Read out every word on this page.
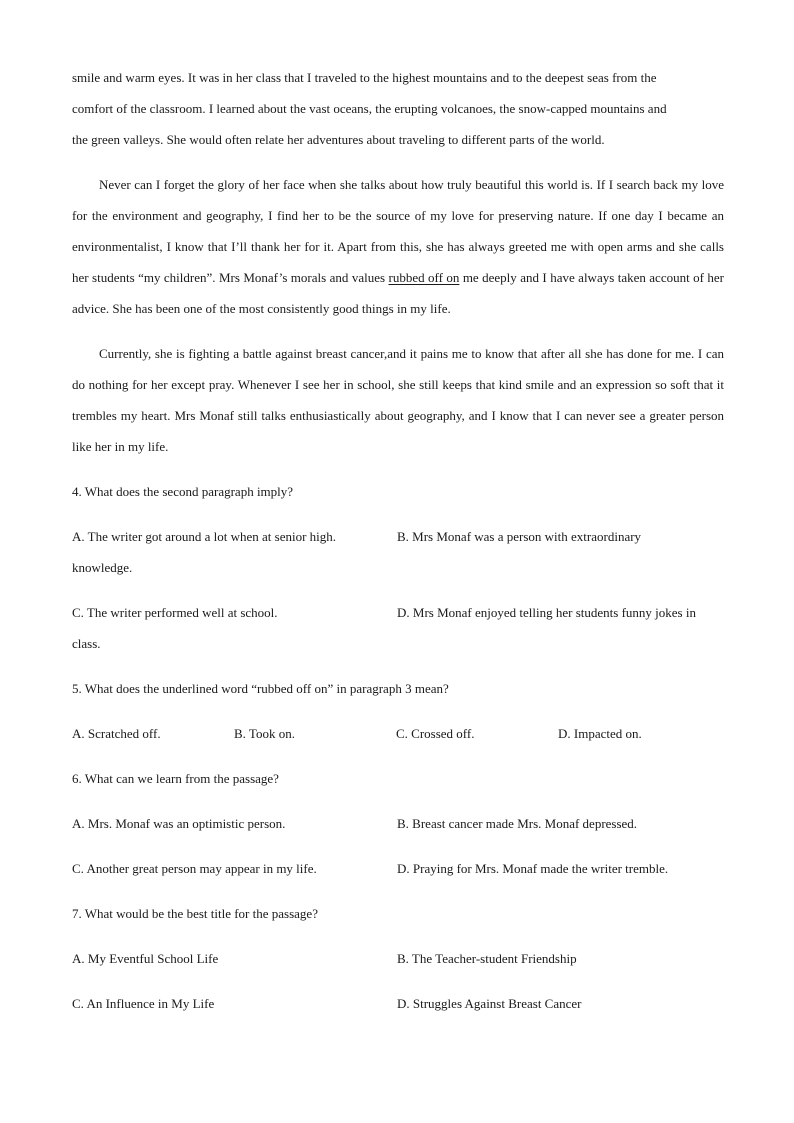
smile and warm eyes. It was in her class that I traveled to the highest mountains and to the deepest seas from the
comfort of the classroom. I learned about the vast oceans, the erupting volcanoes, the snow-capped mountains and
the green valleys. She would often relate her adventures about traveling to different parts of the world.

Never can I forget the glory of her face when she talks about how truly beautiful this world is. If I search back my love for the environment and geography, I find her to be the source of my love for preserving nature. If one day I became an environmentalist, I know that I’ll thank her for it. Apart from this, she has always greeted me with open arms and she calls her students “my children”. Mrs Monaf’s morals and values rubbed off on me deeply and I have always taken account of her advice. She has been one of the most consistently good things in my life.

Currently, she is fighting a battle against breast cancer,and it pains me to know that after all she has done for me. I can do nothing for her except pray. Whenever I see her in school, she still keeps that kind smile and an expression so soft that it trembles my heart. Mrs Monaf still talks enthusiastically about geography, and I know that I can never see a greater person like her in my life.

4. What does the second paragraph imply?

A. The writer got around a lot when at senior high.	B. Mrs Monaf was a person with extraordinary
knowledge.
C. The writer performed well at school.	D. Mrs Monaf enjoyed telling her students funny jokes in
class.

5. What does the underlined word “rubbed off on” in paragraph 3 mean?

A. Scratched off.	B. Took on.	C. Crossed off.	D. Impacted on.

6. What can we learn from the passage?

A. Mrs. Monaf was an optimistic person.	B. Breast cancer made Mrs. Monaf depressed.
C. Another great person may appear in my life.	D. Praying for Mrs. Monaf made the writer tremble.

7. What would be the best title for the passage?

A. My Eventful School Life	B. The Teacher-student Friendship
C. An Influence in My Life	D. Struggles Against Breast Cancer
